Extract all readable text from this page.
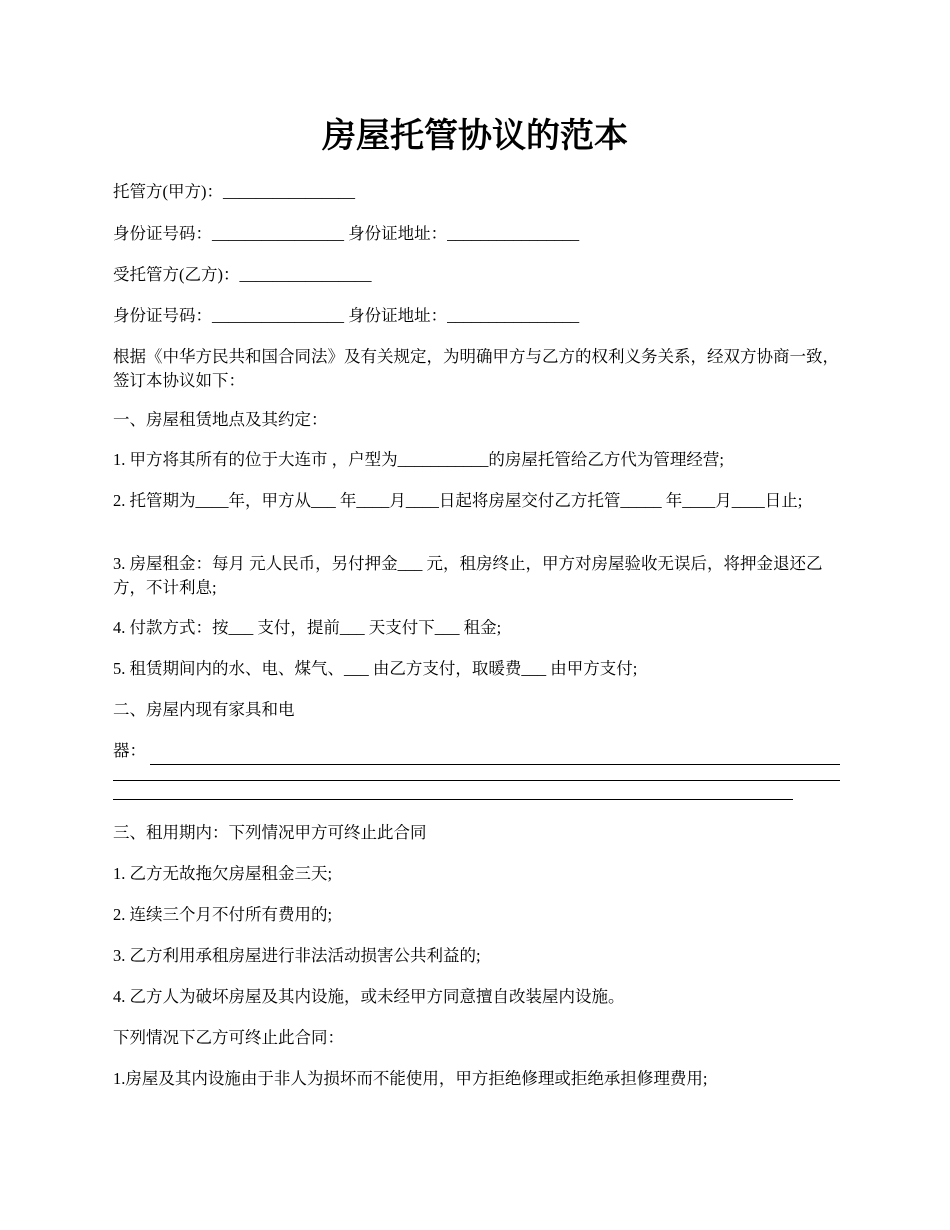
房屋托管协议的范本
托管方(甲方)：________________
身份证号码：________________ 身份证地址：________________
受托管方(乙方)：________________
身份证号码：________________ 身份证地址：________________
根据《中华方民共和国合同法》及有关规定，为明确甲方与乙方的权利义务关系，经双方协商一致，签订本协议如下：
一、房屋租赁地点及其约定：
1. 甲方将其所有的位于大连市 ，户型为___________的房屋托管给乙方代为管理经营;
2. 托管期为____年，甲方从___ 年____月____日起将房屋交付乙方托管_____ 年____月____日止;
3. 房屋租金：每月 元人民币，另付押金___ 元，租房终止，甲方对房屋验收无误后，将押金退还乙方，不计利息;
4. 付款方式：按___ 支付，提前___ 天支付下___ 租金;
5. 租赁期间内的水、电、煤气、___ 由乙方支付，取暖费___ 由甲方支付;
二、房屋内现有家具和电
器：
三、租用期内：下列情况甲方可终止此合同
1. 乙方无故拖欠房屋租金三天;
2. 连续三个月不付所有费用的;
3. 乙方利用承租房屋进行非法活动损害公共利益的;
4. 乙方人为破坏房屋及其内设施，或未经甲方同意擅自改装屋内设施。
下列情况下乙方可终止此合同：
1.房屋及其内设施由于非人为损坏而不能使用，甲方拒绝修理或拒绝承担修理费用;
